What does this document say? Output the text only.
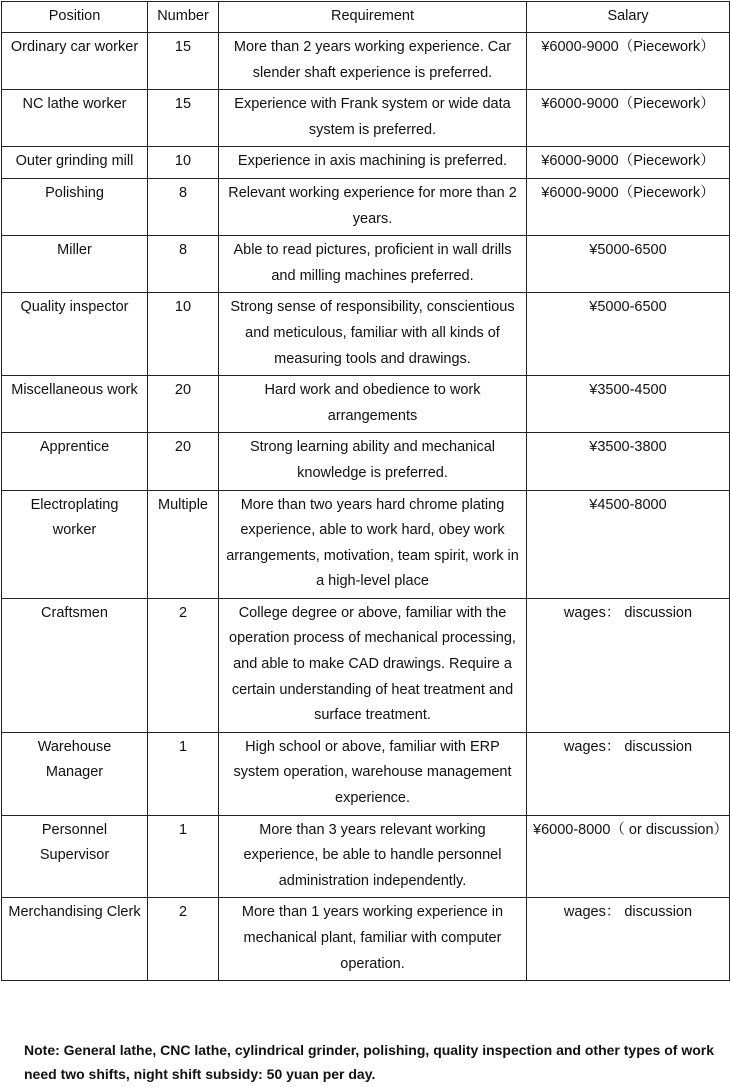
Position	Number	Requirement	Salary
Ordinary car worker	15	More than 2 years working experience. Car slender shaft experience is preferred.	¥6000-9000（Piecework）
NC lathe worker	15	Experience with Frank system or wide data system is preferred.	¥6000-9000（Piecework）
Outer grinding mill	10	Experience in axis machining is preferred.	¥6000-9000（Piecework）
Polishing	8	Relevant working experience for more than 2 years.	¥6000-9000（Piecework）
Miller	8	Able to read pictures, proficient in wall drills and milling machines preferred.	¥5000-6500
Quality inspector	10	Strong sense of responsibility, conscientious and meticulous, familiar with all kinds of measuring tools and drawings.	¥5000-6500
Miscellaneous work	20	Hard work and obedience to work arrangements	¥3500-4500
Apprentice	20	Strong learning ability and mechanical knowledge is preferred.	¥3500-3800
Electroplating worker	Multiple	More than two years hard chrome plating experience, able to work hard, obey work arrangements, motivation, team spirit, work in a high-level place	¥4500-8000
Craftsmen	2	College degree or above, familiar with the operation process of mechanical processing, and able to make CAD drawings. Require a certain understanding of heat treatment and surface treatment.	wages： discussion
Warehouse Manager	1	High school or above, familiar with ERP system operation, warehouse management experience.	wages： discussion
Personnel Supervisor	1	More than 3 years relevant working experience, be able to handle personnel administration independently.	¥6000-8000（ or discussion）
Merchandising Clerk	2	More than 1 years working experience in mechanical plant, familiar with computer operation.	wages： discussion
Note: General lathe, CNC lathe, cylindrical grinder, polishing, quality inspection and other types of work need two shifts, night shift subsidy: 50 yuan per day.
